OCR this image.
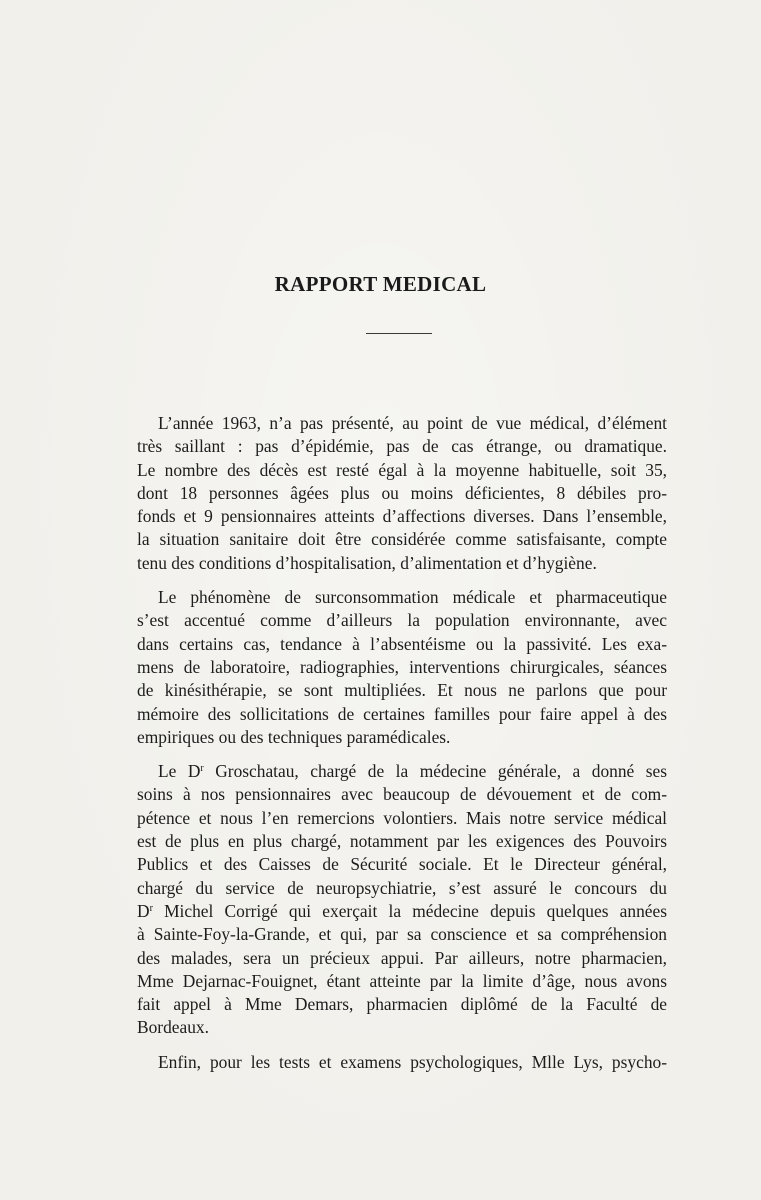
RAPPORT MEDICAL
L’année 1963, n’a pas présenté, au point de vue médical, d’élément
très saillant : pas d’épidémie, pas de cas étrange, ou dramatique.
Le nombre des décès est resté égal à la moyenne habituelle, soit 35,
dont 18 personnes âgées plus ou moins déficientes, 8 débiles pro-
fonds et 9 pensionnaires atteints d’affections diverses. Dans l’ensemble,
la situation sanitaire doit être considérée comme satisfaisante, compte
tenu des conditions d’hospitalisation, d’alimentation et d’hygiène.
Le phénomène de surconsommation médicale et pharmaceutique
s’est accentué comme d’ailleurs la population environnante, avec
dans certains cas, tendance à l’absentéisme ou la passivité. Les exa-
mens de laboratoire, radiographies, interventions chirurgicales, séances
de kinésithérapie, se sont multipliées. Et nous ne parlons que pour
mémoire des sollicitations de certaines familles pour faire appel à des
empiriques ou des techniques paramédicales.
Le $D^r$ Groschatau, chargé de la médecine générale, a donné ses
soins à nos pensionnaires avec beaucoup de dévouement et de com-
pétence et nous l’en remercions volontiers. Mais notre service médical
est de plus en plus chargé, notamment par les exigences des Pouvoirs
Publics et des Caisses de Sécurité sociale. Et le Directeur général,
chargé du service de neuropsychiatrie, s’est assuré le concours du
$D^r$ Michel Corrigé qui exerçait la médecine depuis quelques années
à Sainte-Foy-la-Grande, et qui, par sa conscience et sa compréhension
des malades, sera un précieux appui. Par ailleurs, notre pharmacien,
Mme Dejarnac-Fouignet, étant atteinte par la limite d’âge, nous avons
fait appel à Mme Demars, pharmacien diplômé de la Faculté de
Bordeaux.
Enfin, pour les tests et examens psychologiques, Mlle Lys, psycho-
